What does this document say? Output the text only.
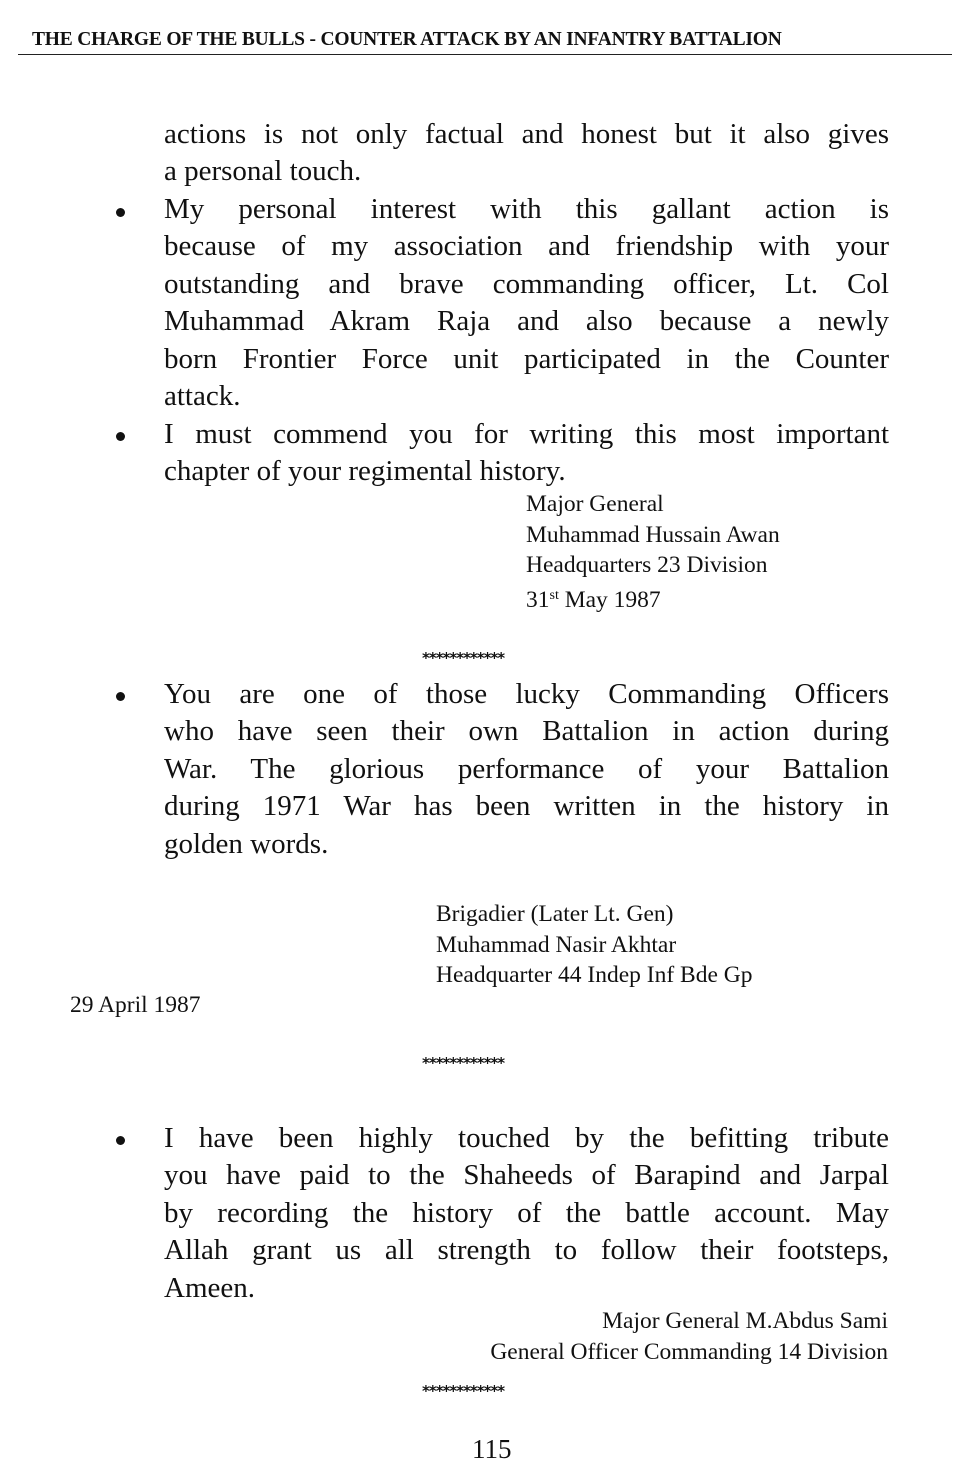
THE CHARGE OF THE BULLS - COUNTER ATTACK BY AN INFANTRY BATTALION
actions is not only factual and honest but it also gives
a personal touch.
My personal interest with this gallant action is
because of my association and friendship with your
outstanding and brave commanding officer, Lt. Col
Muhammad Akram Raja and also because a newly
born Frontier Force unit participated in the Counter
attack.
I must commend you for writing this most important
chapter of your regimental history.
Major General
Muhammad Hussain Awan
Headquarters 23 Division
31st May 1987
************
You are one of those lucky Commanding Officers
who have seen their own Battalion in action during
War. The glorious performance of your Battalion
during 1971 War has been written in the history in
golden words.
Brigadier (Later Lt. Gen)
Muhammad Nasir Akhtar
Headquarter 44 Indep Inf Bde Gp
29 April 1987
************
I have been highly touched by the befitting tribute
you have paid to the Shaheeds of Barapind and Jarpal
by recording the history of the battle account. May
Allah grant us all strength to follow their footsteps,
Ameen.
Major General M.Abdus Sami
General Officer Commanding 14 Division
************
115
